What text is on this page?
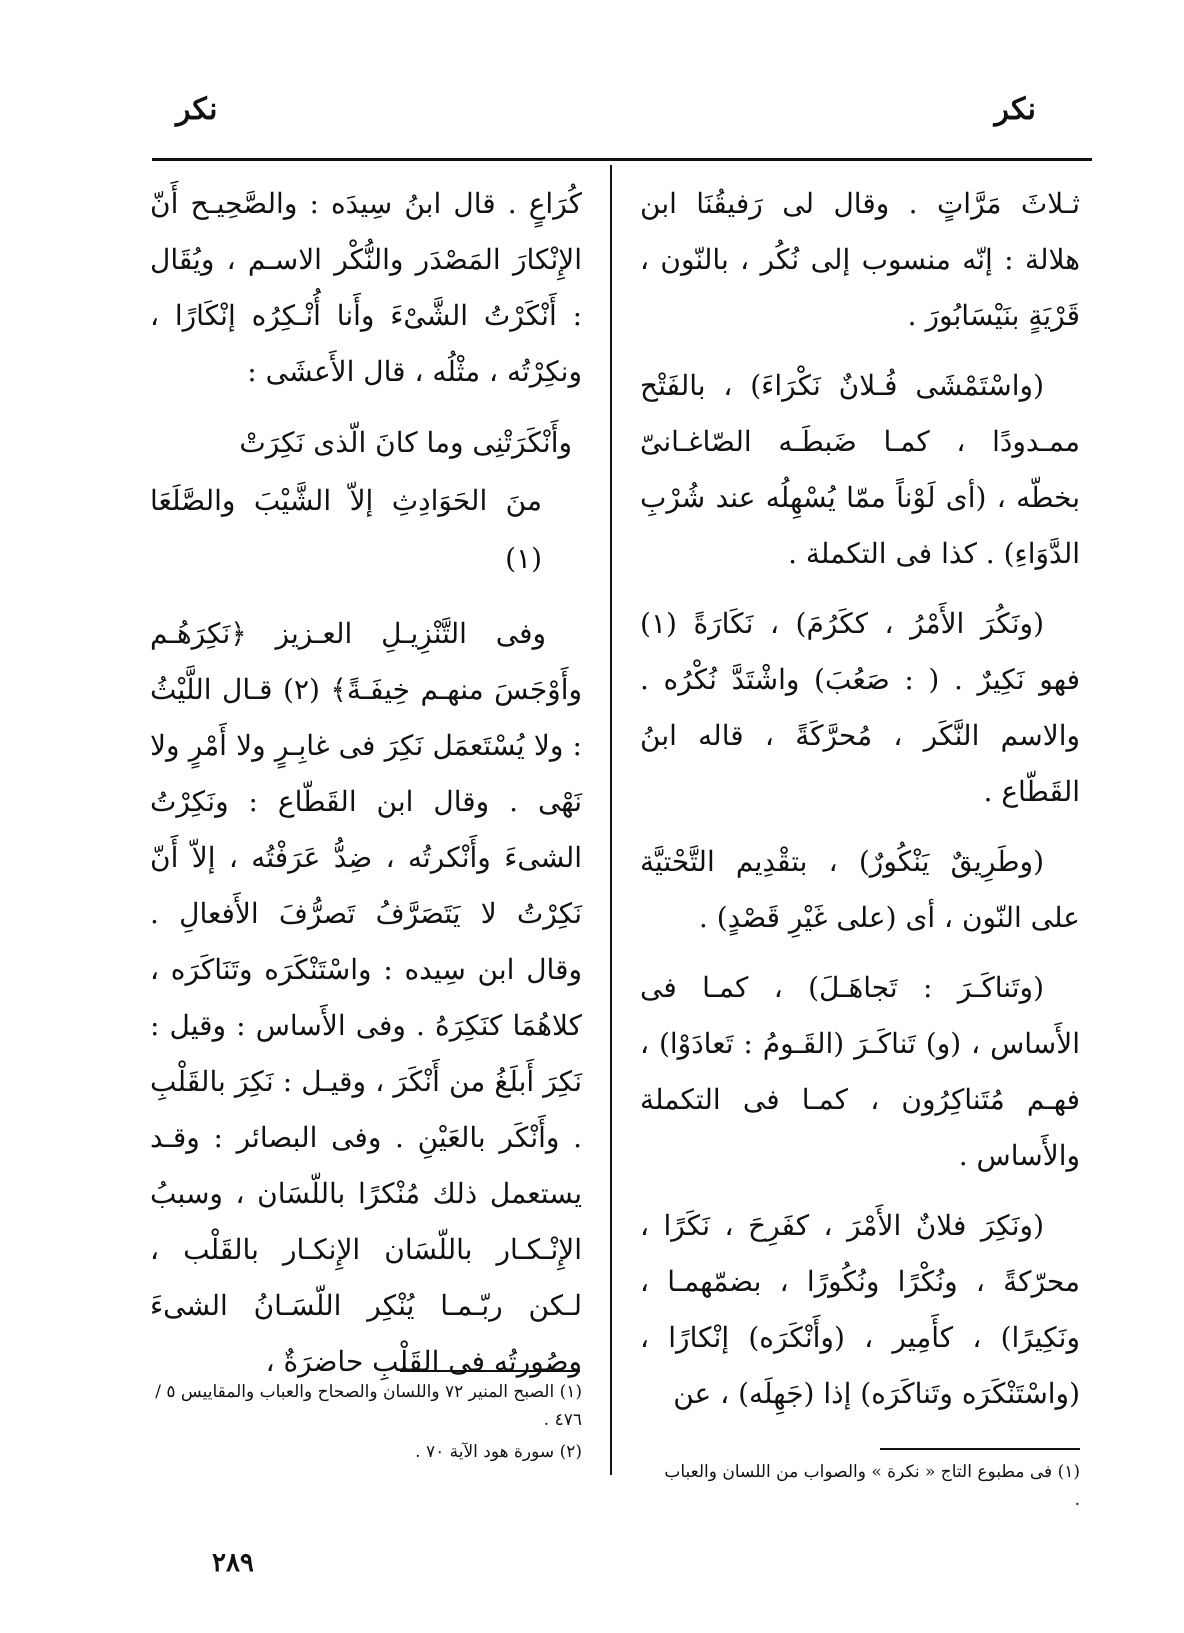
نكر
نكر

ثـلاثَ مَرَّاتٍ . وقال لى رَفيقُنَا ابن هلالة : إنّه منسوب إلى نُكُر ، بالنّون ، قَرْيَةٍ بنَيْسَابُورَ .

(واسْتَمْشَى فُـلانٌ نَكْرَاءَ) ، بالفَتْح ممـدودًا ، كمـا ضَبطَـه الصّاغـانىّ بخطّه ، (أى لَوْناً ممّا يُسْهِلُه عند شُرْبِ الدَّوَاءِ) . كذا فى التكملة .

(ونَكُرَ الأَمْرُ ، ككَرُمَ) ، نَكَارَةً (١) فهو نَكِيرٌ . ( : صَعُبَ) واشْتَدَّ نُكْرُه . والاسم النَّكَر ، مُحرَّكَةً ، قاله ابنُ القَطّاع .

(وطَرِيقٌ يَنْكُورٌ) ، بتقْدِيم التَّحْتيَّة على النّون ، أى (على غَيْرِ قَصْدٍ) .

(وتَناكَـرَ : تَجاهَـلَ) ، كمـا فى الأَساس ، (و) تَناكَـرَ (القَـومُ : تَعادَوْا) ، فهـم مُتَناكِرُون ، كمـا فى التكملة والأَساس .

(ونَكِرَ فلانٌ الأَمْرَ ، كفَرِحَ ، نَكَرًا ، محرّكةً ، ونُكْرًا ونُكُورًا ، بضمّهمـا ، ونَكِيرًا) ، كأَمِير ، (وأَنْكَرَه) إنْكارًا ، (واسْتَنْكَرَه وتَناكَرَه) إذا (جَهِلَه) ، عن

كُرَاعٍ . قال ابنُ سِيدَه : والصَّحِيـح أَنّ الإِنْكارَ المَصْدَر والنُّكْر الاسـم ، ويُقَال : أَنْكَرْتُ الشَّىْءَ وأَنا أُنْـكِرُه إنْكَارًا ، ونكِرْتُه ، مثْلُه ، قال الأَعشَى :

وأَنْكَرَتْنِى وما كانَ الّذى نَكِرَتْ

منَ الحَوَادِثِ إلاّ الشَّيْبَ والصَّلَعَا (١)

وفى التَّنْزِيـلِ العـزيز ﴿نَكِرَهُـم وأَوْجَسَ منهـم خِيفَـةً﴾ (٢) قـال اللَّيْثُ : ولا يُسْتَعمَل نَكِرَ فى غابِـرٍ ولا أَمْرٍ ولا نَهْى . وقال ابن القَطّاع : ونَكِرْتُ الشىءَ وأَنْكرتُه ، ضِدُّ عَرَفْتُه ، إلاّ أَنّ نَكِرْتُ لا يَتَصَرَّفُ تَصرُّفَ الأَفعالِ . وقال ابن سِيده : واسْتَنْكَرَه وتَنَاكَرَه ، كلاهُمَا كنَكِرَهُ . وفى الأَساس : وقيل : نَكِرَ أَبلَغُ من أَنْكَرَ ، وقيـل : نَكِرَ بالقَلْبِ . وأَنْكَر بالعَيْنِ . وفى البصائر : وقـد يستعمل ذلك مُنْكرًا باللّسَان ، وسببُ الإِنْـكـار باللّسَان الإِنكـار بالقَلْب ، لـكن ربّـمـا يُنْكِر اللّسَـانُ الشىءَ وصُورتُه فى القَلْبِ حاضرَةٌ ،

(١) فى مطبوع التاج « نكرة » والصواب من اللسان والعباب .

(١) الصبح المنير ٧٢ واللسان والصحاح والعباب والمقاييس ٥ /٤٧٦ .

(٢) سورة هود الآية ٧٠ .

٢٨٩
